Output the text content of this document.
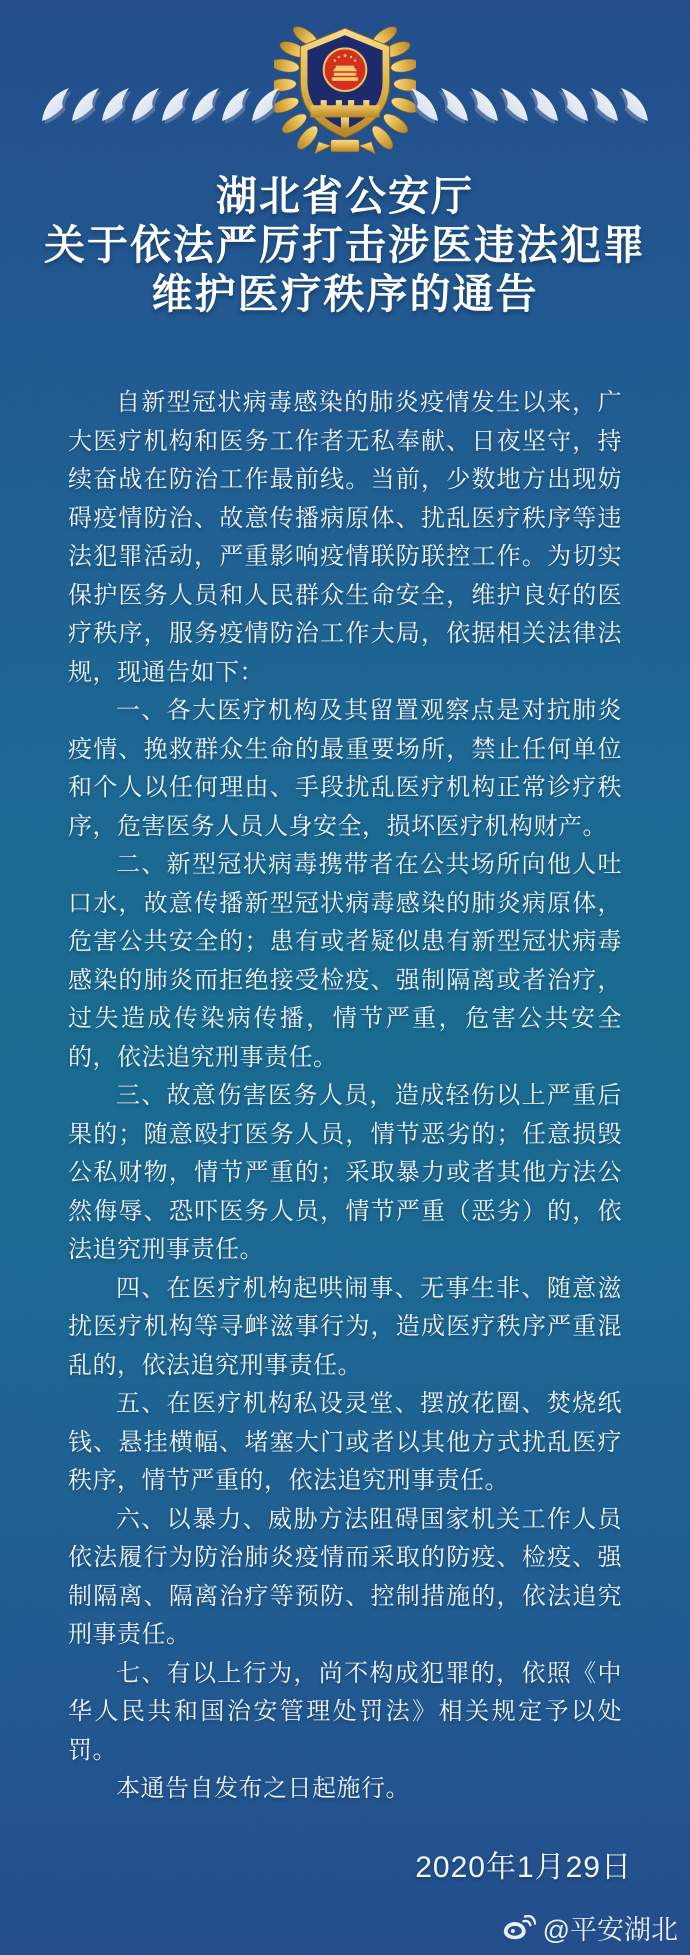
湖北省公安厅
关于依法严厉打击涉医违法犯罪
维护医疗秩序的通告

自新型冠状病毒感染的肺炎疫情发生以来，广大医疗机构和医务工作者无私奉献、日夜坚守，持续奋战在防治工作最前线。当前，少数地方出现妨碍疫情防治、故意传播病原体、扰乱医疗秩序等违法犯罪活动，严重影响疫情联防联控工作。为切实保护医务人员和人民群众生命安全，维护良好的医疗秩序，服务疫情防治工作大局，依据相关法律法规，现通告如下：

一、各大医疗机构及其留置观察点是对抗肺炎疫情、挽救群众生命的最重要场所，禁止任何单位和个人以任何理由、手段扰乱医疗机构正常诊疗秩序，危害医务人员人身安全，损坏医疗机构财产。

二、新型冠状病毒携带者在公共场所向他人吐口水，故意传播新型冠状病毒感染的肺炎病原体，危害公共安全的；患有或者疑似患有新型冠状病毒感染的肺炎而拒绝接受检疫、强制隔离或者治疗，过失造成传染病传播，情节严重，危害公共安全的，依法追究刑事责任。

三、故意伤害医务人员，造成轻伤以上严重后果的；随意殴打医务人员，情节恶劣的；任意损毁公私财物，情节严重的；采取暴力或者其他方法公然侮辱、恐吓医务人员，情节严重（恶劣）的，依法追究刑事责任。

四、在医疗机构起哄闹事、无事生非、随意滋扰医疗机构等寻衅滋事行为，造成医疗秩序严重混乱的，依法追究刑事责任。

五、在医疗机构私设灵堂、摆放花圈、焚烧纸钱、悬挂横幅、堵塞大门或者以其他方式扰乱医疗秩序，情节严重的，依法追究刑事责任。

六、以暴力、威胁方法阻碍国家机关工作人员依法履行为防治肺炎疫情而采取的防疫、检疫、强制隔离、隔离治疗等预防、控制措施的，依法追究刑事责任。

七、有以上行为，尚不构成犯罪的，依照《中华人民共和国治安管理处罚法》相关规定予以处罚。

本通告自发布之日起施行。

2020年1月29日
@平安湖北
